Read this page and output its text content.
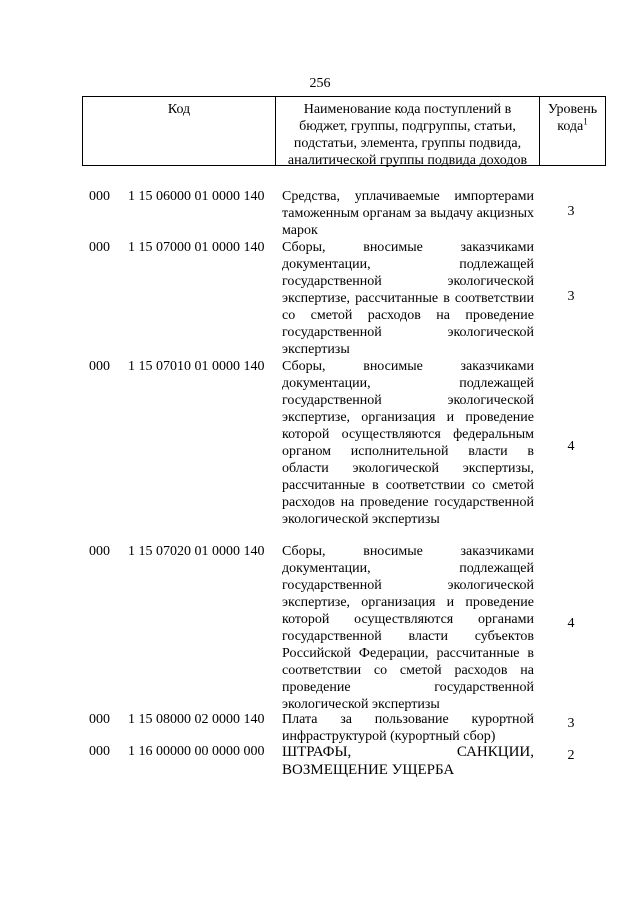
256
Код	Наименование кода поступлений в бюджет, группы, подгруппы, статьи, подстатьи, элемента, группы подвида, аналитической группы подвида доходов
Уровень кода$^1$
000 1 15 06000 01 0000 140 Средства, уплачиваемые импортерами таможенным органам за выдачу акцизных марок
3
000 1 15 07000 01 0000 140 Сборы, вносимые заказчиками документации, подлежащей государственной экологической экспертизе, рассчитанные в соответствии со сметой расходов на проведение государственной экологической экспертизы
3
000 1 15 07010 01 0000 140 Сборы, вносимые заказчиками документации, подлежащей государственной экологической экспертизе, организация и проведение которой осуществляются федеральным органом исполнительной власти в области экологической экспертизы, рассчитанные в соответствии со сметой расходов на проведение государственной экологической экспертизы
4
000 1 15 07020 01 0000 140 Сборы, вносимые заказчиками документации, подлежащей государственной экологической экспертизе, организация и проведение которой осуществляются органами государственной власти субъектов Российской Федерации, рассчитанные в соответствии со сметой расходов на проведение государственной экологической экспертизы
4
000 1 15 08000 02 0000 140 Плата за пользование курортной инфраструктурой (курортный сбор)
3
000 1 16 00000 00 0000 000 ШТРАФЫ, САНКЦИИ, ВОЗМЕЩЕНИЕ УЩЕРБА
2
